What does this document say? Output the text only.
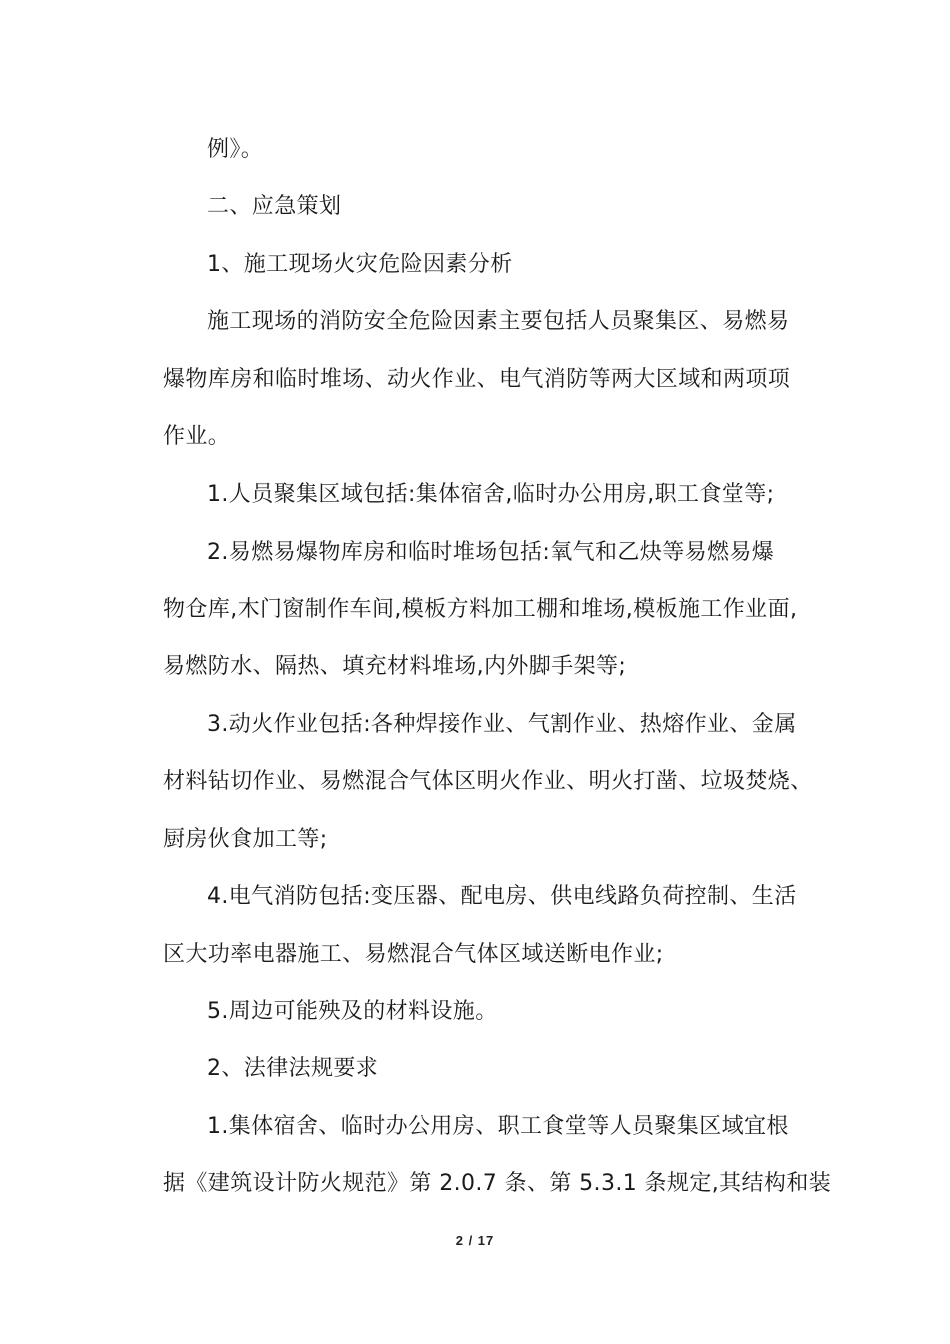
例》。
二、应急策划
1、施工现场火灾危险因素分析
施工现场的消防安全危险因素主要包括人员聚集区、易燃易
爆物库房和临时堆场、动火作业、电气消防等两大区域和两项项
作业。
1.人员聚集区域包括:集体宿舍,临时办公用房,职工食堂等;
2.易燃易爆物库房和临时堆场包括:氧气和乙炔等易燃易爆
物仓库,木门窗制作车间,模板方料加工棚和堆场,模板施工作业面,
易燃防水、隔热、填充材料堆场,内外脚手架等;
3.动火作业包括:各种焊接作业、气割作业、热熔作业、金属
材料钻切作业、易燃混合气体区明火作业、明火打凿、垃圾焚烧、
厨房伙食加工等;
4.电气消防包括:变压器、配电房、供电线路负荷控制、生活
区大功率电器施工、易燃混合气体区域送断电作业;
5.周边可能殃及的材料设施。
2、法律法规要求
1.集体宿舍、临时办公用房、职工食堂等人员聚集区域宜根
据《建筑设计防火规范》第 2.0.7 条、第 5.3.1 条规定,其结构和装
2 / 17
